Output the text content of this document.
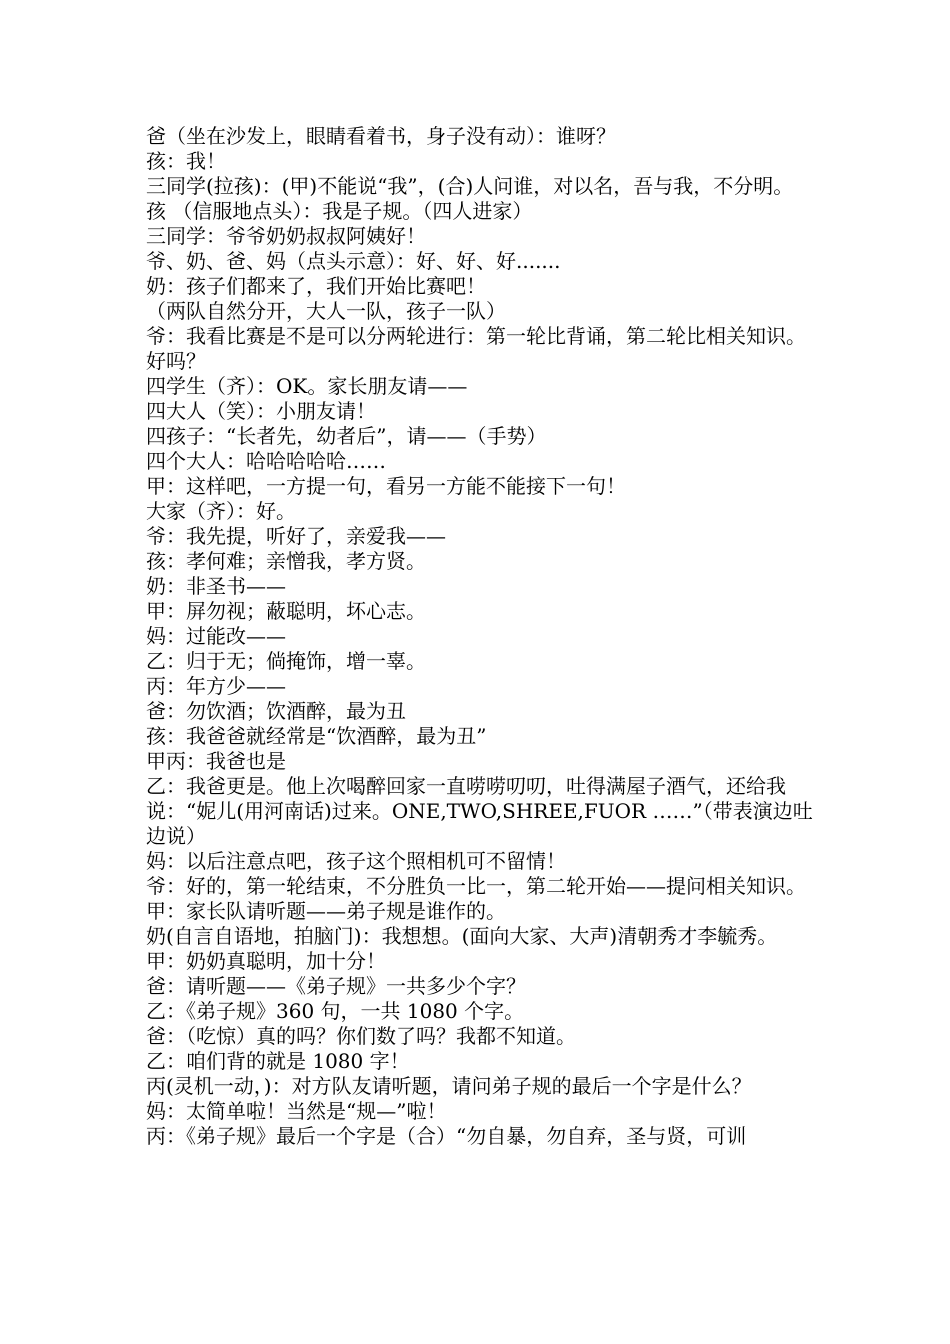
爸（坐在沙发上，眼睛看着书，身子没有动）：谁呀？
孩：我！
三同学(拉孩)：(甲)不能说“我”，(合)人问谁，对以名，吾与我，不分明。
孩 （信服地点头）：我是子规。（四人进家）
三同学：爷爷奶奶叔叔阿姨好！
爷、奶、爸、妈（点头示意）：好、好、好.......
奶：孩子们都来了，我们开始比赛吧！
（两队自然分开，大人一队，孩子一队）
爷：我看比赛是不是可以分两轮进行：第一轮比背诵，第二轮比相关知识。好吗？
四学生（齐）：OK。家长朋友请——
四大人（笑）：小朋友请！
四孩子：“长者先，幼者后”，请——（手势）
四个大人：哈哈哈哈哈……
甲：这样吧，一方提一句，看另一方能不能接下一句！
大家（齐）：好。
爷：我先提，听好了，亲爱我——
孩：孝何难；亲憎我，孝方贤。
奶：非圣书——
甲：屏勿视；蔽聪明，坏心志。
妈：过能改——
乙：归于无；倘掩饰，增一辜。
丙：年方少——
爸：勿饮酒；饮酒醉，最为丑
孩：我爸爸就经常是“饮酒醉，最为丑”
甲丙：我爸也是
乙：我爸更是。他上次喝醉回家一直唠唠叨叨，吐得满屋子酒气，还给我说：“妮儿(用河南话)过来。ONE,TWO,SHREE,FUOR ……”（带表演边吐边说）
妈：以后注意点吧，孩子这个照相机可不留情！
爷：好的，第一轮结束，不分胜负一比一，第二轮开始——提问相关知识。
甲：家长队请听题——弟子规是谁作的。
奶(自言自语地，拍脑门)：我想想。(面向大家、大声)清朝秀才李毓秀。
甲：奶奶真聪明，加十分！
爸：请听题——《弟子规》一共多少个字？
乙：《弟子规》360 句，一共 1080 个字。
爸：（吃惊）真的吗？你们数了吗？我都不知道。
乙：咱们背的就是 1080 字！
丙(灵机一动，)：对方队友请听题，请问弟子规的最后一个字是什么？
妈：太简单啦！当然是“规—”啦！
丙：《弟子规》最后一个字是（合）“勿自暴，勿自弃，圣与贤，可训
